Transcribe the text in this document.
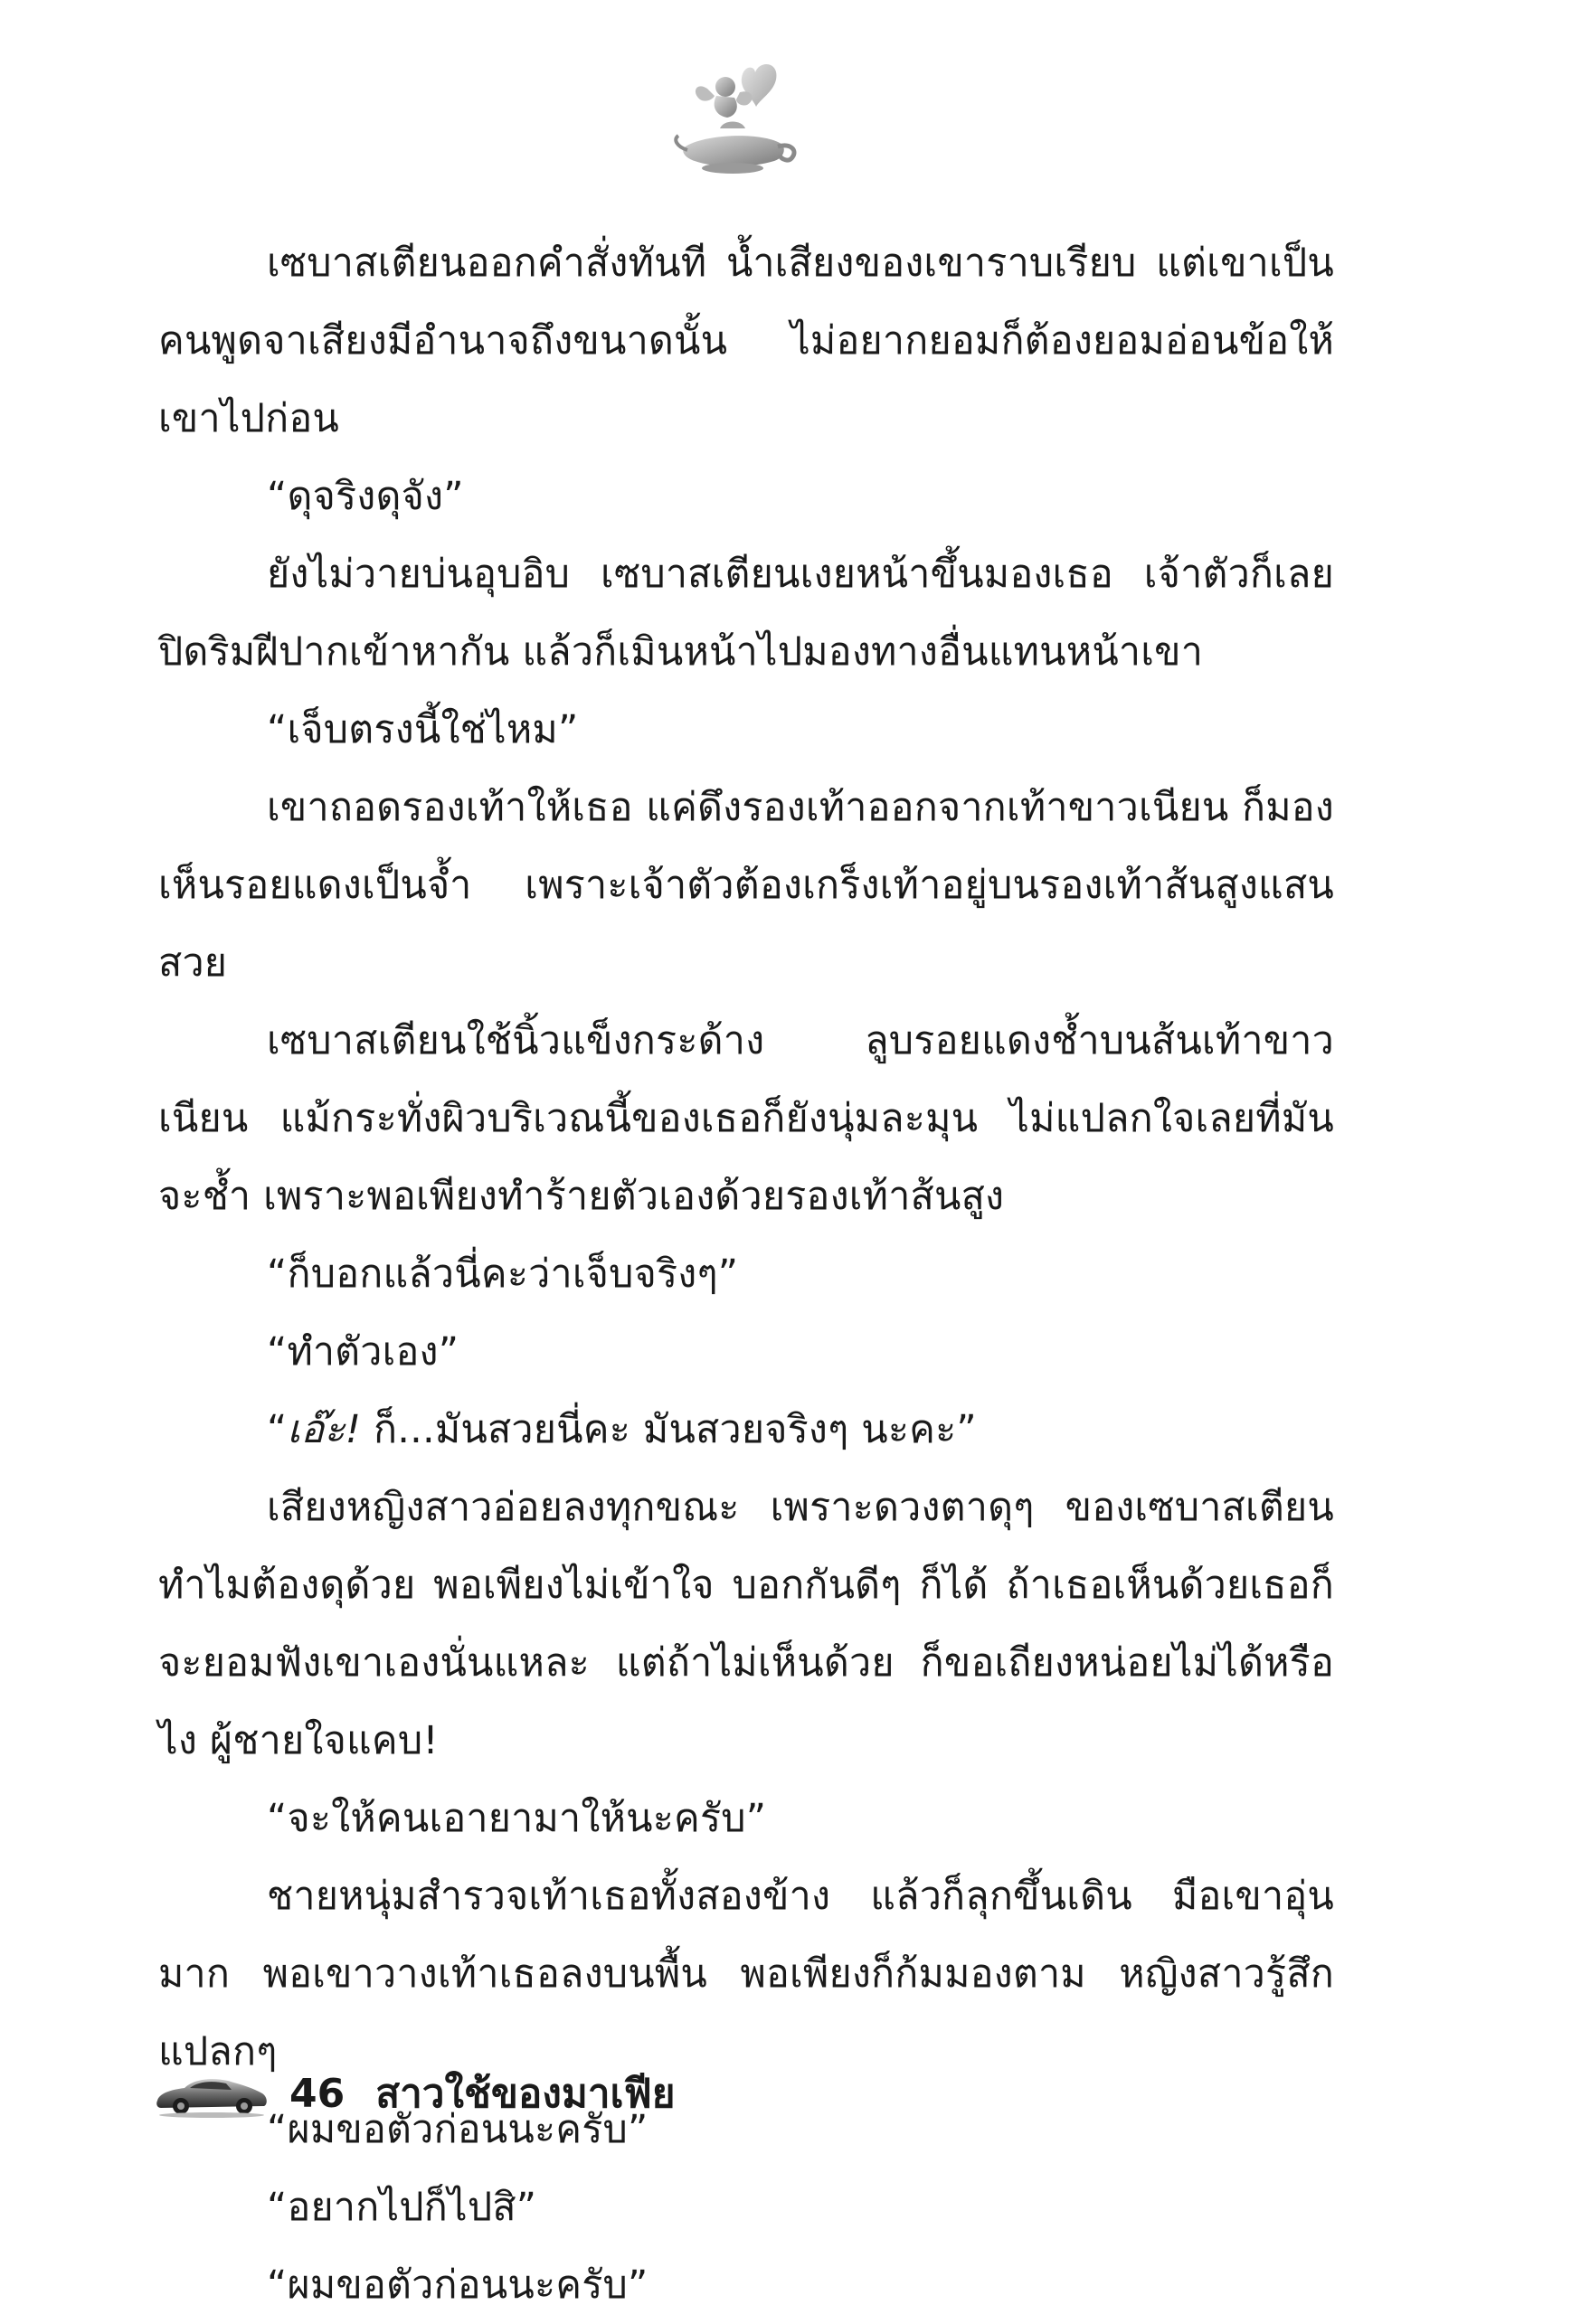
เซบาสเตียนออกคำสั่งทันที น้ำเสียงของเขาราบเรียบ แต่เขาเป็นคนพูดจาเสียงมีอำนาจถึงขนาดนั้น ไม่อยากยอมก็ต้องยอมอ่อนข้อให้เขาไปก่อน

“ดุจริงดุจัง”

ยังไม่วายบ่นอุบอิบ เซบาสเตียนเงยหน้าขึ้นมองเธอ เจ้าตัวก็เลยปิดริมฝีปากเข้าหากัน แล้วก็เมินหน้าไปมองทางอื่นแทนหน้าเขา

“เจ็บตรงนี้ใช่ไหม”

เขาถอดรองเท้าให้เธอ แค่ดึงรองเท้าออกจากเท้าขาวเนียน ก็มองเห็นรอยแดงเป็นจ้ำ เพราะเจ้าตัวต้องเกร็งเท้าอยู่บนรองเท้าส้นสูงแสนสวย

เซบาสเตียนใช้นิ้วแข็งกระด้าง ลูบรอยแดงช้ำบนส้นเท้าขาวเนียน แม้กระทั่งผิวบริเวณนี้ของเธอก็ยังนุ่มละมุน ไม่แปลกใจเลยที่มันจะช้ำ เพราะพอเพียงทำร้ายตัวเองด้วยรองเท้าส้นสูง

“ก็บอกแล้วนี่คะว่าเจ็บจริงๆ”

“ทำตัวเอง”

“เอ๊ะ! ก็...มันสวยนี่คะ มันสวยจริงๆ นะคะ”

เสียงหญิงสาวอ่อยลงทุกขณะ เพราะดวงตาดุๆ ของเซบาสเตียนทำไมต้องดุด้วย พอเพียงไม่เข้าใจ บอกกันดีๆ ก็ได้ ถ้าเธอเห็นด้วยเธอก็จะยอมฟังเขาเองนั่นแหละ แต่ถ้าไม่เห็นด้วย ก็ขอเถียงหน่อยไม่ได้หรือไง ผู้ชายใจแคบ!

“จะให้คนเอายามาให้นะครับ”

ชายหนุ่มสำรวจเท้าเธอทั้งสองข้าง แล้วก็ลุกขึ้นเดิน มือเขาอุ่นมาก พอเขาวางเท้าเธอลงบนพื้น พอเพียงก็ก้มมองตาม หญิงสาวรู้สึกแปลกๆ

“ผมขอตัวก่อนนะครับ”

“อยากไปก็ไปสิ”

“ผมขอตัวก่อนนะครับ”

46 สาวใช้ของมาเฟีย
